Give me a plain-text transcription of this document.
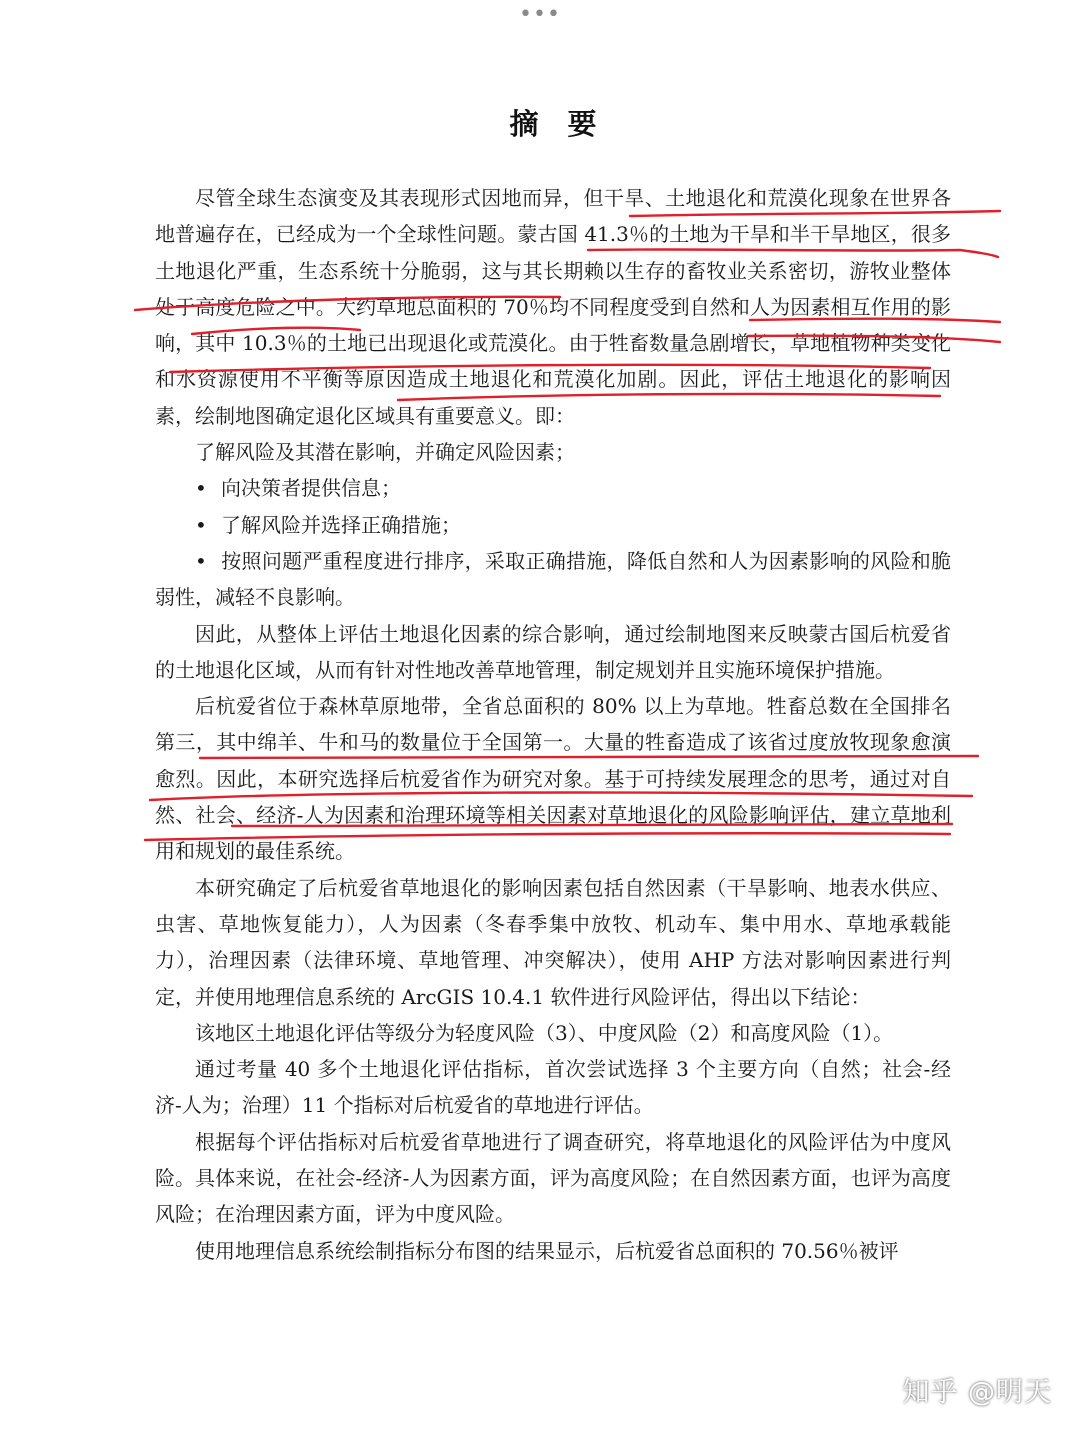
•••
摘　要

尽管全球生态演变及其表现形式因地而异，但干旱、土地退化和荒漠化现象在世界各地普遍存在，已经成为一个全球性问题。蒙古国 41.3％的土地为干旱和半干旱地区，很多土地退化严重，生态系统十分脆弱，这与其长期赖以生存的畜牧业关系密切，游牧业整体处于高度危险之中。大约草地总面积的 70％均不同程度受到自然和人为因素相互作用的影响，其中 10.3％的土地已出现退化或荒漠化。由于牲畜数量急剧增长，草地植物种类变化和水资源使用不平衡等原因造成土地退化和荒漠化加剧。因此，评估土地退化的影响因素，绘制地图确定退化区域具有重要意义。即：

了解风险及其潜在影响，并确定风险因素；

• 向决策者提供信息；
• 了解风险并选择正确措施；
• 按照问题严重程度进行排序，采取正确措施，降低自然和人为因素影响的风险和脆弱性，减轻不良影响。

因此，从整体上评估土地退化因素的综合影响，通过绘制地图来反映蒙古国后杭爱省的土地退化区域，从而有针对性地改善草地管理，制定规划并且实施环境保护措施。

后杭爱省位于森林草原地带，全省总面积的 80% 以上为草地。牲畜总数在全国排名第三，其中绵羊、牛和马的数量位于全国第一。大量的牲畜造成了该省过度放牧现象愈演愈烈。因此，本研究选择后杭爱省作为研究对象。基于可持续发展理念的思考，通过对自然、社会、经济-人为因素和治理环境等相关因素对草地退化的风险影响评估，建立草地利用和规划的最佳系统。

本研究确定了后杭爱省草地退化的影响因素包括自然因素（干旱影响、地表水供应、虫害、草地恢复能力），人为因素（冬春季集中放牧、机动车、集中用水、草地承载能力），治理因素（法律环境、草地管理、冲突解决），使用 AHP 方法对影响因素进行判定，并使用地理信息系统的 ArcGIS 10.4.1 软件进行风险评估，得出以下结论：

该地区土地退化评估等级分为轻度风险（3）、中度风险（2）和高度风险（1）。

通过考量 40 多个土地退化评估指标，首次尝试选择 3 个主要方向（自然；社会-经济-人为；治理）11 个指标对后杭爱省的草地进行评估。

根据每个评估指标对后杭爱省草地进行了调查研究，将草地退化的风险评估为中度风险。具体来说，在社会-经济-人为因素方面，评为高度风险；在自然因素方面，也评为高度风险；在治理因素方面，评为中度风险。

使用地理信息系统绘制指标分布图的结果显示，后杭爱省总面积的 70.56％被评

知乎 @明天
